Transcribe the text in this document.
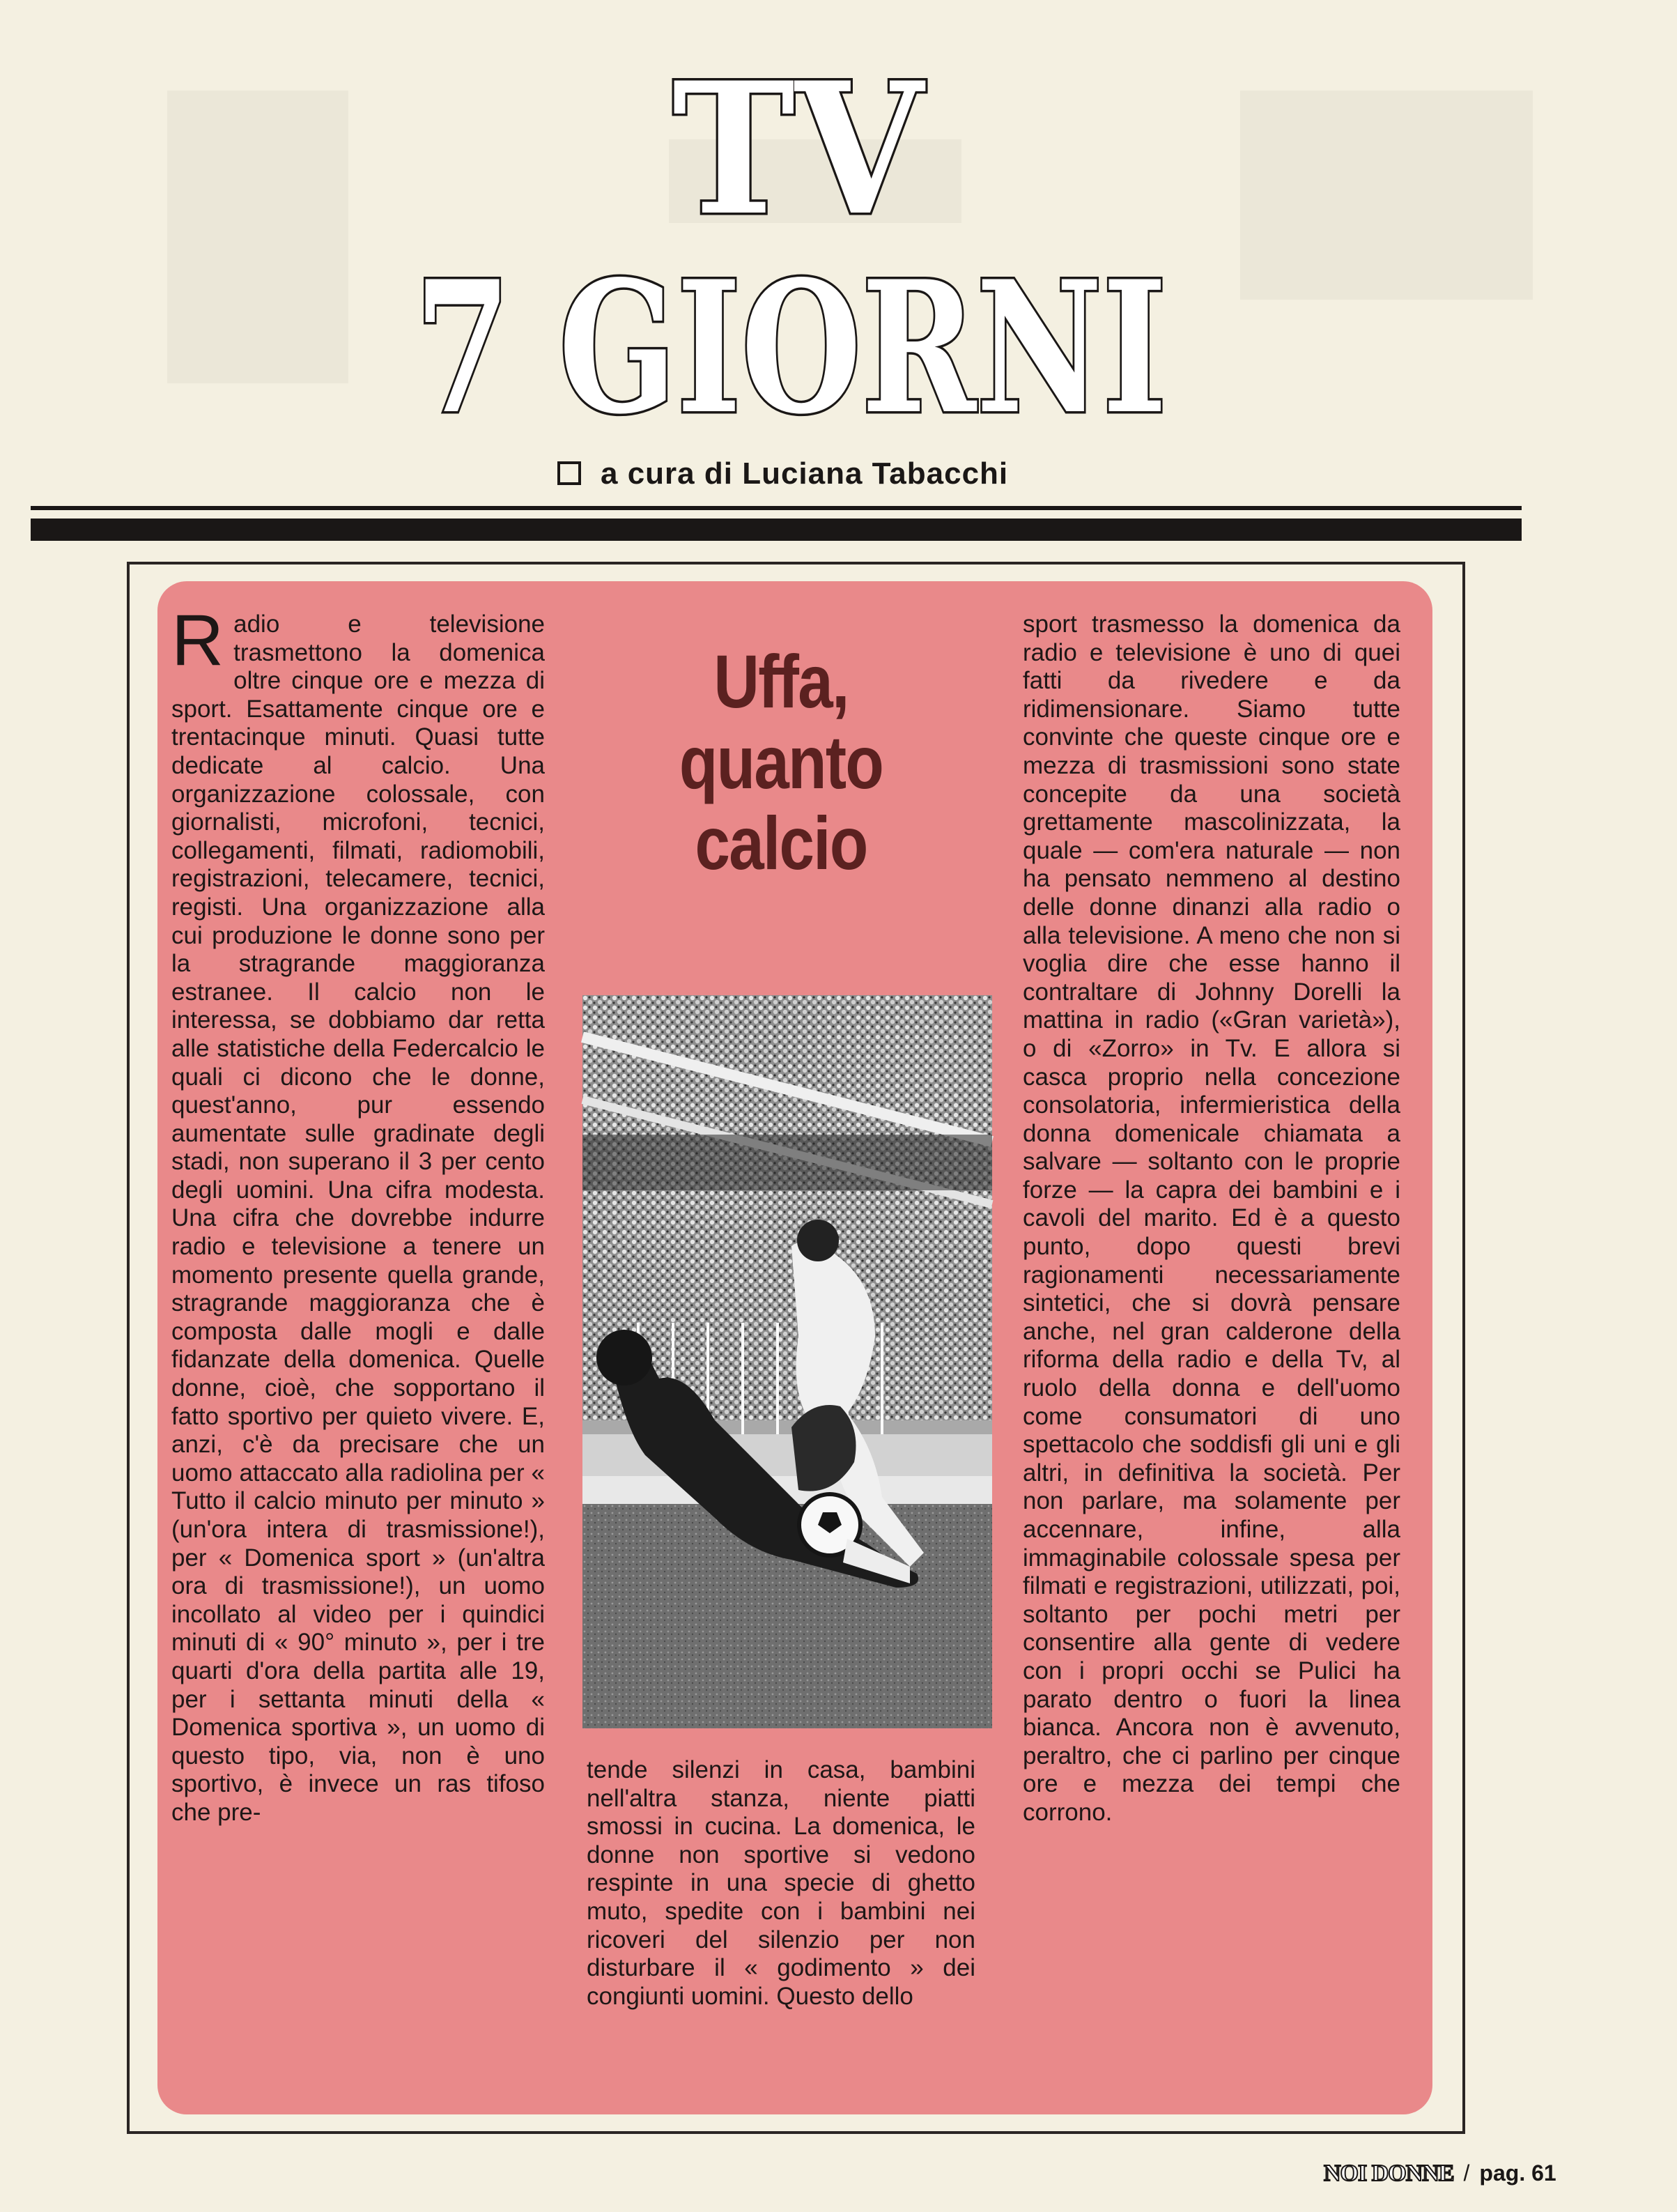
TV
7 GIORNI
a cura di Luciana Tabacchi

Radio e televisione trasmettono la domenica oltre cinque ore e mezza di sport. Esattamente cinque ore e trentacinque minuti. Quasi tutte dedicate al calcio. Una organizzazione colossale, con giornalisti, microfoni, tecnici, collegamenti, filmati, radiomobili, registrazioni, telecamere, tecnici, registi. Una organizzazione alla cui produzione le donne sono per la stragrande maggioranza estranee. Il calcio non le interessa, se dobbiamo dar retta alle statistiche della Federcalcio le quali ci dicono che le donne, quest'anno, pur essendo aumentate sulle gradinate degli stadi, non superano il 3 per cento degli uomini. Una cifra modesta. Una cifra che dovrebbe indurre radio e televisione a tenere un momento presente quella grande, stragrande maggioranza che è composta dalle mogli e dalle fidanzate della domenica. Quelle donne, cioè, che sopportano il fatto sportivo per quieto vivere. E, anzi, c'è da precisare che un uomo attaccato alla radiolina per « Tutto il calcio minuto per minuto » (un'ora intera di trasmissione!), per « Domenica sport » (un'altra ora di trasmissione!), un uomo incollato al video per i quindici minuti di « 90° minuto », per i tre quarti d'ora della partita alle 19, per i settanta minuti della « Domenica sportiva », un uomo di questo tipo, via, non è uno sportivo, è invece un ras tifoso che pre-

Uffa, quanto calcio

tende silenzi in casa, bambini nell'altra stanza, niente piatti smossi in cucina. La domenica, le donne non sportive si vedono respinte in una specie di ghetto muto, spedite con i bambini nei ricoveri del silenzio per non disturbare il « godimento » dei congiunti uomini. Questo dello

sport trasmesso la domenica da radio e televisione è uno di quei fatti da rivedere e da ridimensionare. Siamo tutte convinte che queste cinque ore e mezza di trasmissioni sono state concepite da una società grettamente mascolinizzata, la quale — com'era naturale — non ha pensato nemmeno al destino delle donne dinanzi alla radio o alla televisione. A meno che non si voglia dire che esse hanno il contraltare di Johnny Dorelli la mattina in radio («Gran varietà»), o di «Zorro» in Tv. E allora si casca proprio nella concezione consolatoria, infermieristica della donna domenicale chiamata a salvare — soltanto con le proprie forze — la capra dei bambini e i cavoli del marito. Ed è a questo punto, dopo questi brevi ragionamenti necessariamente sintetici, che si dovrà pensare anche, nel gran calderone della riforma della radio e della Tv, al ruolo della donna e dell'uomo come consumatori di uno spettacolo che soddisfi gli uni e gli altri, in definitiva la società. Per non parlare, ma solamente per accennare, infine, alla immaginabile colossale spesa per filmati e registrazioni, utilizzati, poi, soltanto per pochi metri per consentire alla gente di vedere con i propri occhi se Pulici ha parato dentro o fuori la linea bianca. Ancora non è avvenuto, peraltro, che ci parlino per cinque ore e mezza dei tempi che corrono.

NOI DONNE / pag. 61
